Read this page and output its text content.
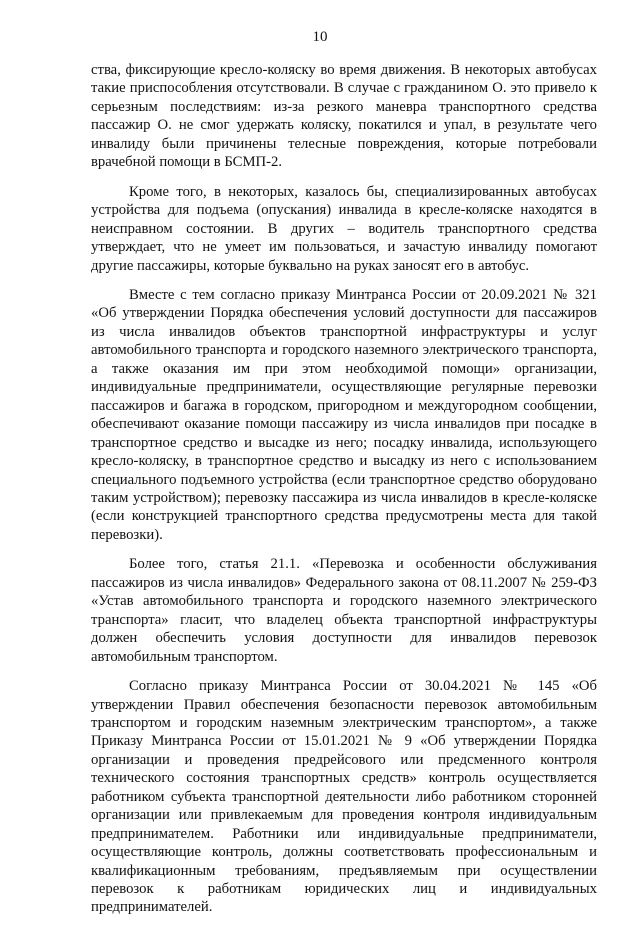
10

ства, фиксирующие кресло-коляску во время движения. В некоторых автобусах такие приспособления отсутствовали. В случае с гражданином О. это привело к серьезным последствиям: из-за резкого маневра транспортного средства пассажир О. не смог удержать коляску, покатился и упал, в результате чего инвалиду были причинены телесные повреждения, которые потребовали врачебной помощи в БСМП-2.

Кроме того, в некоторых, казалось бы, специализированных автобусах устройства для подъема (опускания) инвалида в кресле-коляске находятся в неисправном состоянии. В других – водитель транспортного средства утверждает, что не умеет им пользоваться, и зачастую инвалиду помогают другие пассажиры, которые буквально на руках заносят его в автобус.

Вместе с тем согласно приказу Минтранса России от 20.09.2021 № 321 «Об утверждении Порядка обеспечения условий доступности для пассажиров из числа инвалидов объектов транспортной инфраструктуры и услуг автомобильного транспорта и городского наземного электрического транспорта, а также оказания им при этом необходимой помощи» организации, индивидуальные предприниматели, осуществляющие регулярные перевозки пассажиров и багажа в городском, пригородном и междугородном сообщении, обеспечивают оказание помощи пассажиру из числа инвалидов при посадке в транспортное средство и высадке из него; посадку инвалида, использующего кресло-коляску, в транспортное средство и высадку из него с использованием специального подъемного устройства (если транспортное средство оборудовано таким устройством); перевозку пассажира из числа инвалидов в кресле-коляске (если конструкцией транспортного средства предусмотрены места для такой перевозки).

Более того, статья 21.1. «Перевозка и особенности обслуживания пассажиров из числа инвалидов» Федерального закона от 08.11.2007 № 259-ФЗ «Устав автомобильного транспорта и городского наземного электрического транспорта» гласит, что владелец объекта транспортной инфраструктуры должен обеспечить условия доступности для инвалидов перевозок автомобильным транспортом.

Согласно приказу Минтранса России от 30.04.2021 № 145 «Об утверждении Правил обеспечения безопасности перевозок автомобильным транспортом и городским наземным электрическим транспортом», а также Приказу Минтранса России от 15.01.2021 № 9 «Об утверждении Порядка организации и проведения предрейсового или предсменного контроля технического состояния транспортных средств» контроль осуществляется работником субъекта транспортной деятельности либо работником сторонней организации или привлекаемым для проведения контроля индивидуальным предпринимателем. Работники или индивидуальные предприниматели, осуществляющие контроль, должны соответствовать профессиональным и квалификационным требованиям, предъявляемым при осуществлении перевозок к работникам юридических лиц и индивидуальных предпринимателей.
